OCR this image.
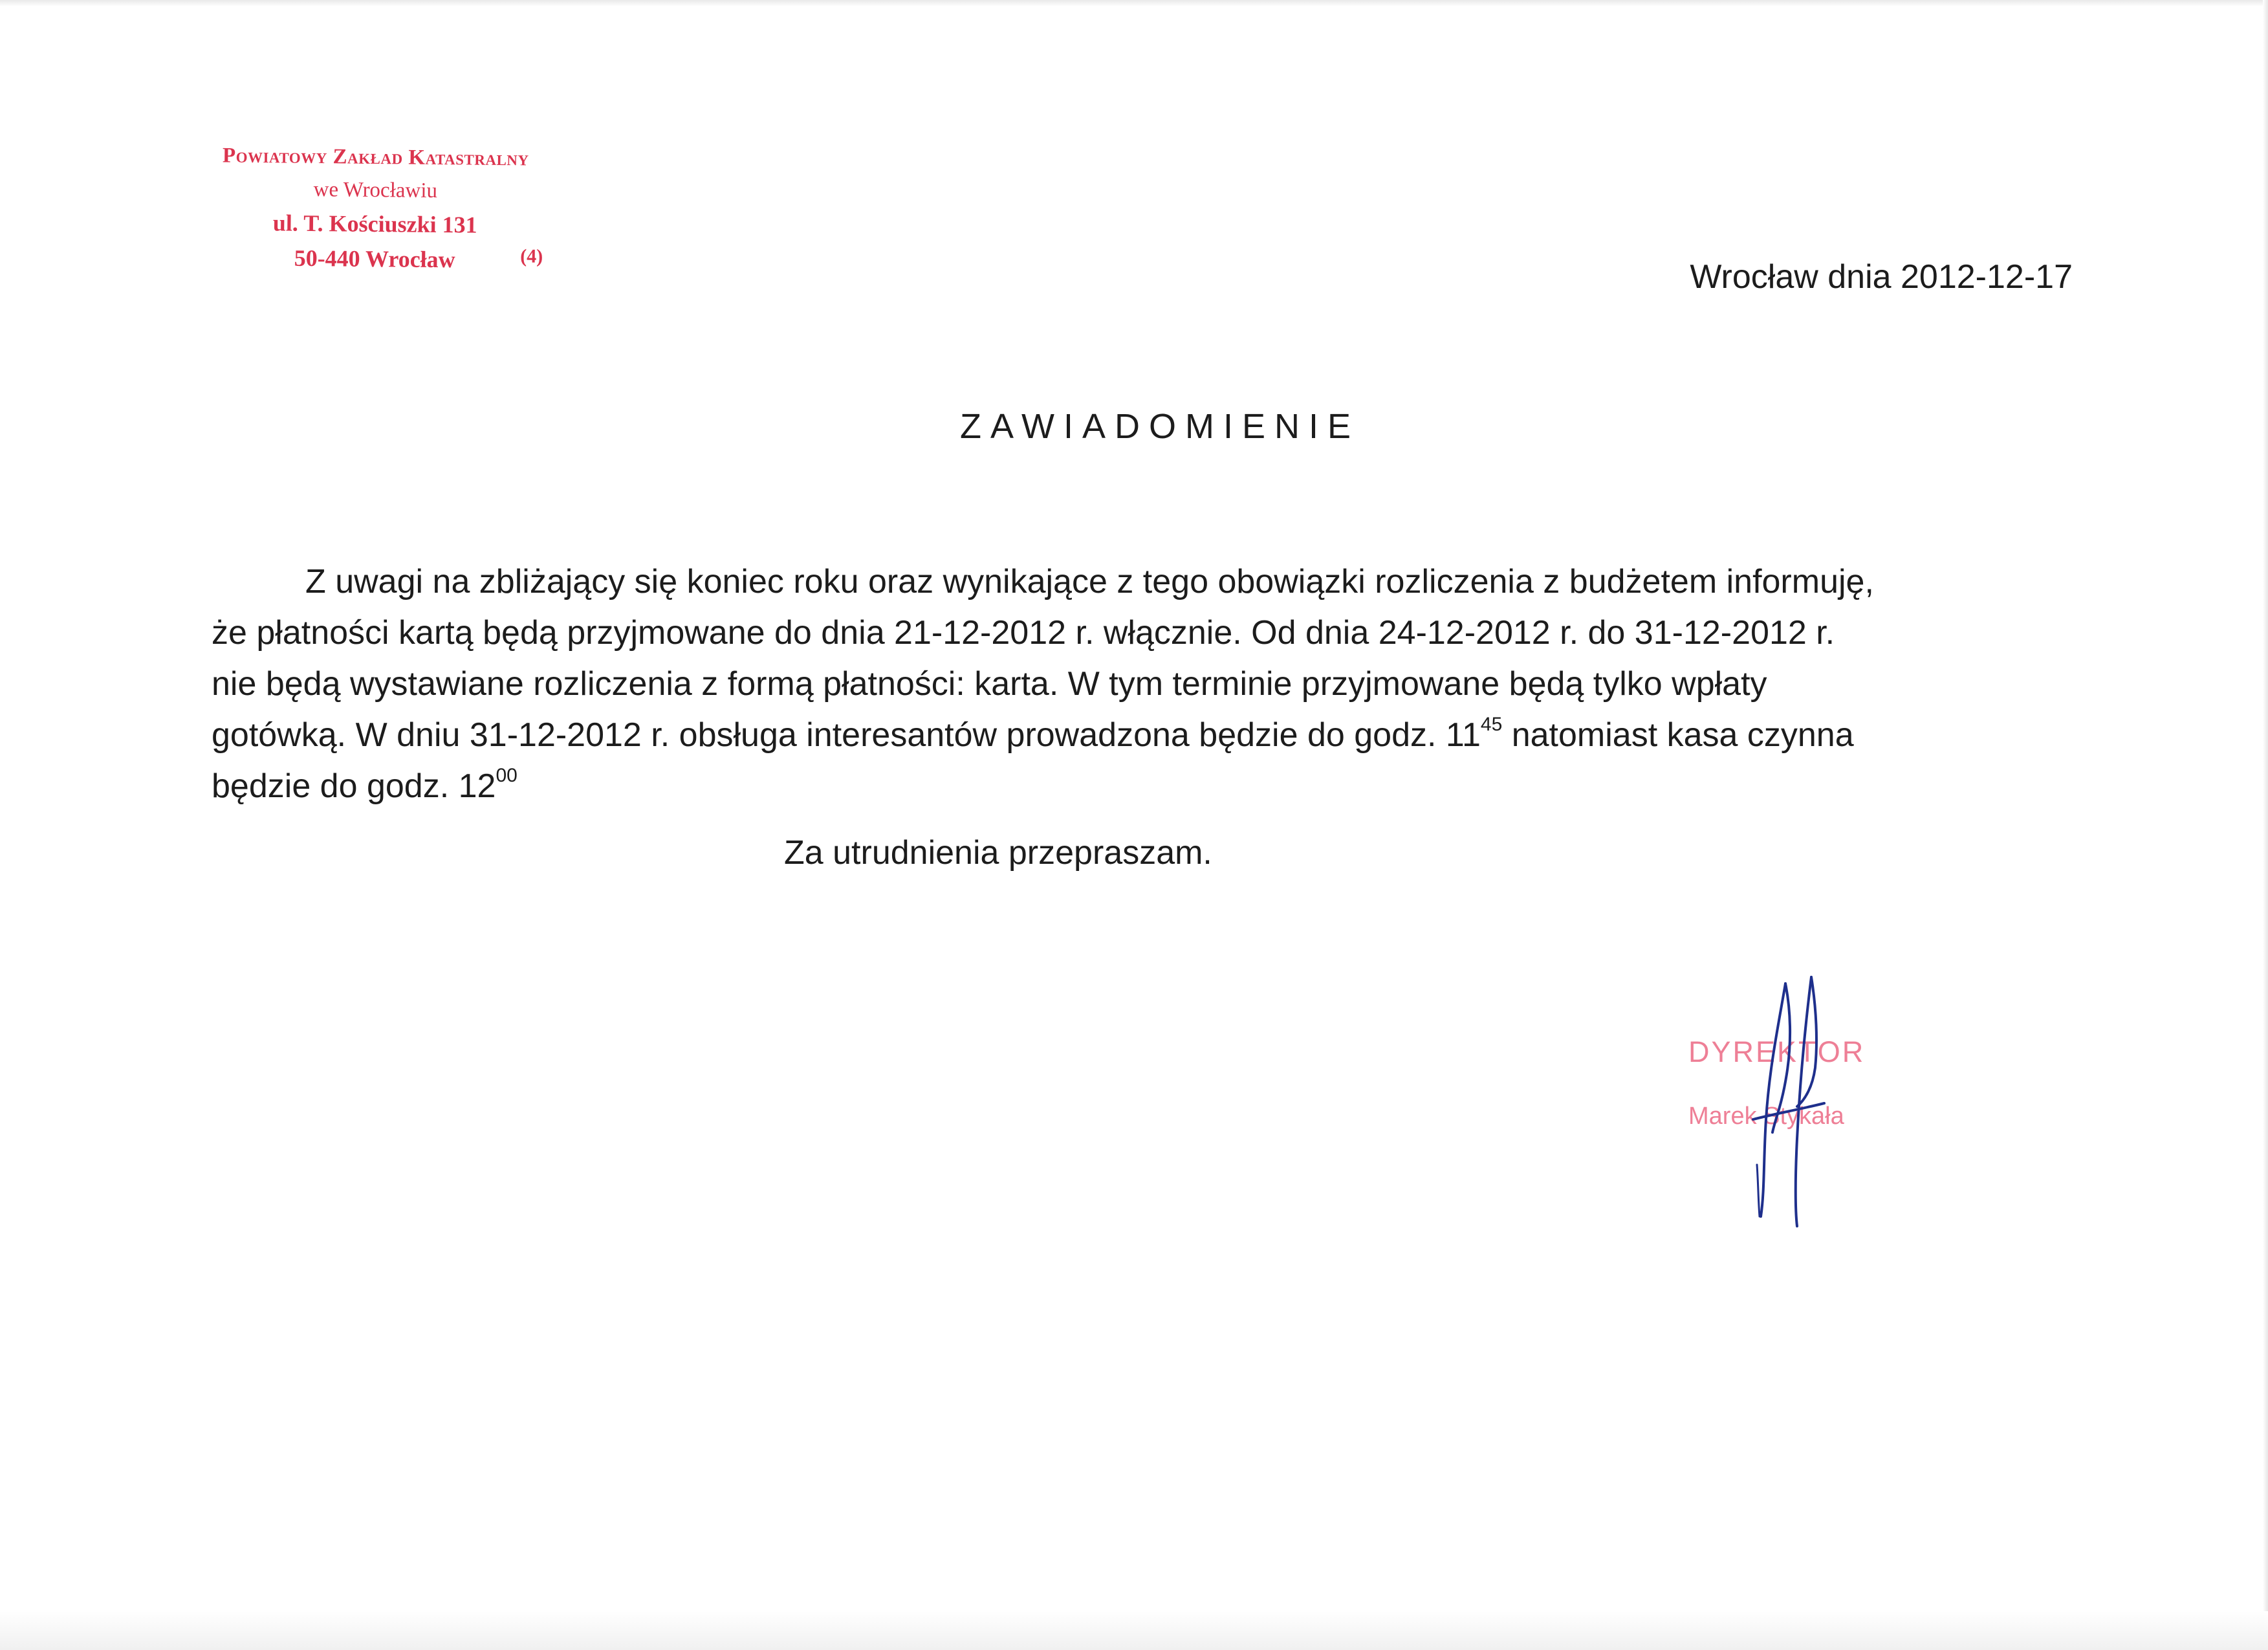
Powiatowy Zakład Katastralny
we Wrocławiu
ul. T. Kościuszki 131
50-440 Wrocław	(4)
Wrocław dnia 2012-12-17
ZAWIADOMIENIE
Z uwagi na zbliżający się koniec roku oraz wynikające z tego obowiązki rozliczenia z budżetem informuję,
że płatności kartą będą przyjmowane do dnia 21-12-2012 r. włącznie. Od dnia 24-12-2012 r. do 31-12-2012 r.
nie będą wystawiane rozliczenia z formą płatności: karta. W tym terminie przyjmowane będą tylko wpłaty
gotówką. W dniu 31-12-2012 r. obsługa interesantów prowadzona będzie do godz. $11^{45}$ natomiast kasa czynna
będzie do godz. $12^{00}$
Za utrudnienia przepraszam.
DYREKTOR
Marek Stykała
